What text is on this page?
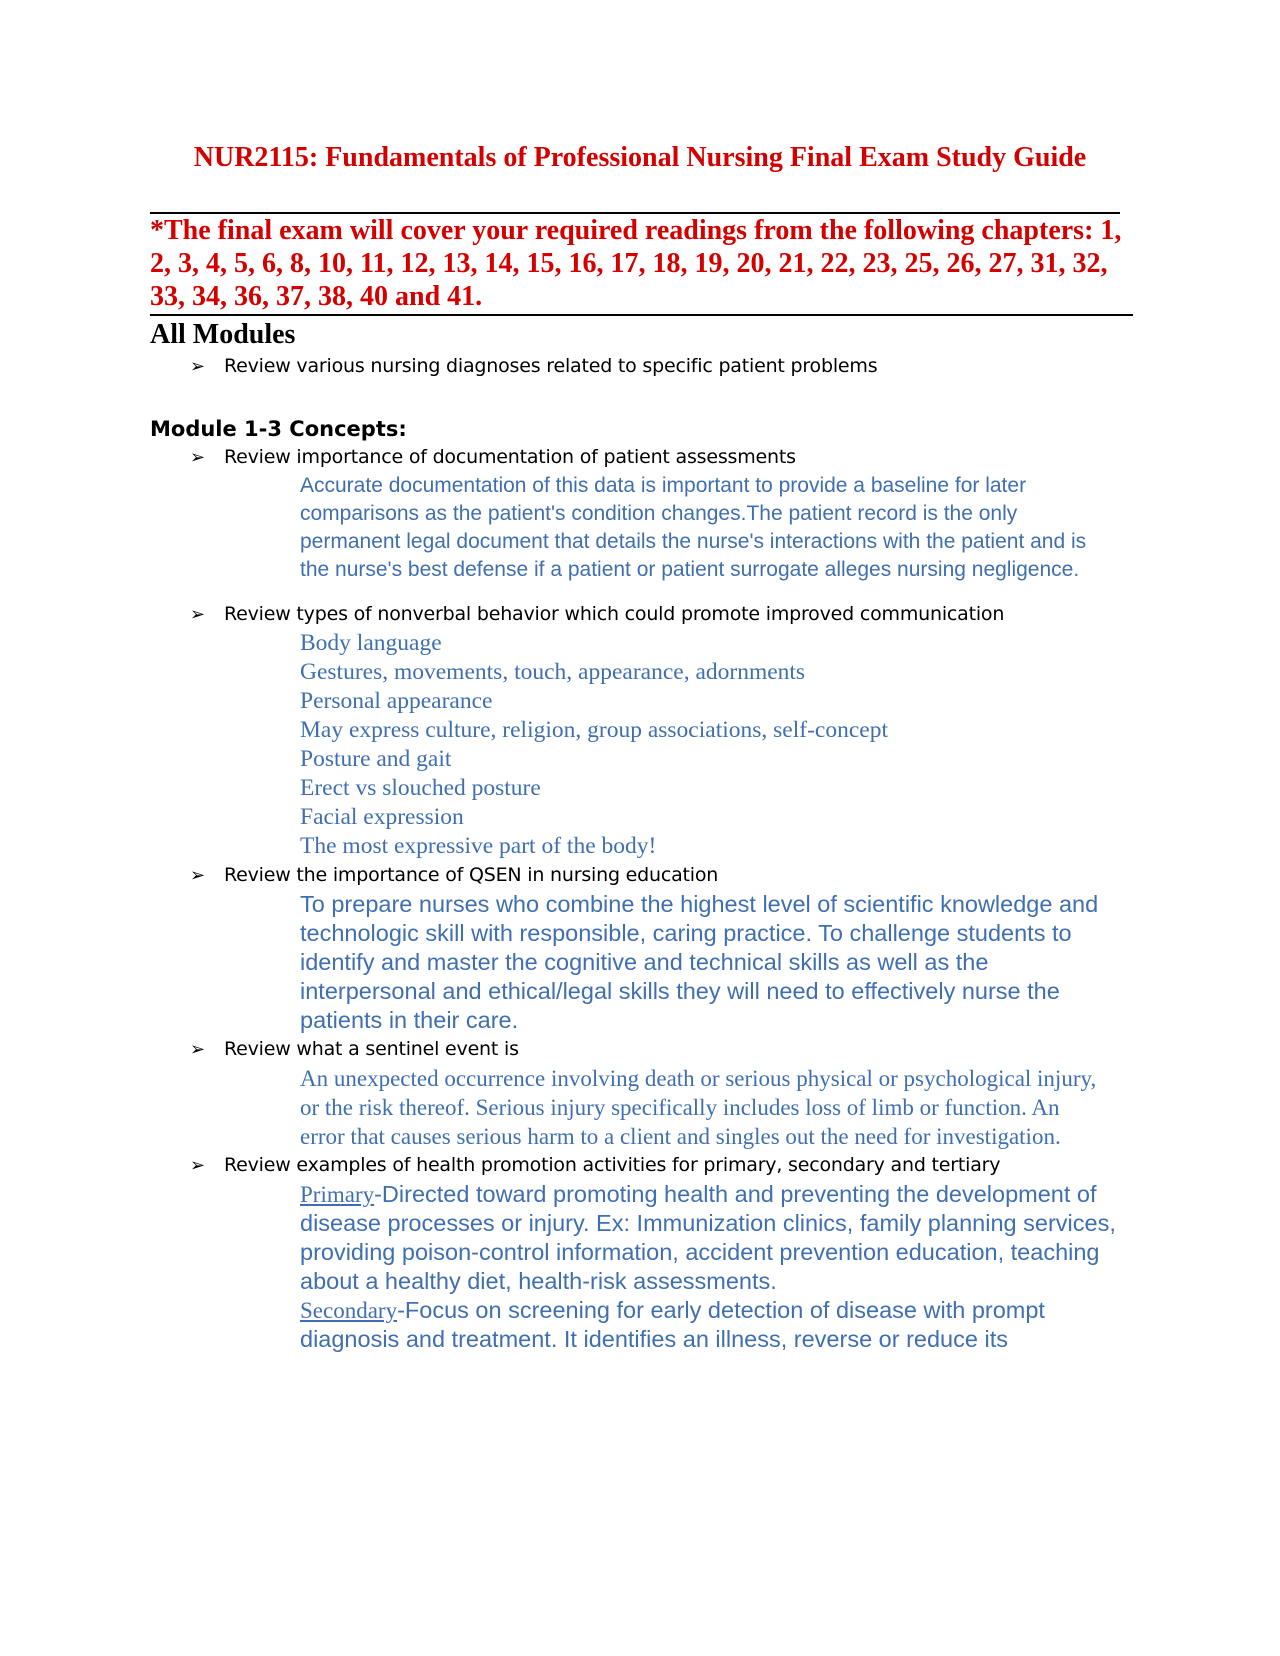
NUR2115: Fundamentals of Professional Nursing Final Exam Study Guide

*The final exam will cover your required readings from the following chapters: 1, 2, 3, 4, 5, 6, 8, 10, 11, 12, 13, 14, 15, 16, 17, 18, 19, 20, 21, 22, 23, 25, 26, 27, 31, 32, 33, 34, 36, 37, 38, 40 and 41.

All Modules
➢	Review various nursing diagnoses related to specific patient problems
Module 1-3 Concepts:
➢	Review importance of documentation of patient assessments
Accurate documentation of this data is important to provide a baseline for later comparisons as the patient's condition changes.The patient record is the only permanent legal document that details the nurse's interactions with the patient and is the nurse's best defense if a patient or patient surrogate alleges nursing negligence.
➢	Review types of nonverbal behavior which could promote improved communication
Body language
Gestures, movements, touch, appearance, adornments
Personal appearance
May express culture, religion, group associations, self-concept
Posture and gait
Erect vs slouched posture
Facial expression
The most expressive part of the body!
➢	Review the importance of QSEN in nursing education
To prepare nurses who combine the highest level of scientific knowledge and technologic skill with responsible, caring practice. To challenge students to identify and master the cognitive and technical skills as well as the interpersonal and ethical/legal skills they will need to effectively nurse the patients in their care.
➢	Review what a sentinel event is
An unexpected occurrence involving death or serious physical or psychological injury, or the risk thereof. Serious injury specifically includes loss of limb or function. An error that causes serious harm to a client and singles out the need for investigation.
➢	Review examples of health promotion activities for primary, secondary and tertiary
Primary-Directed toward promoting health and preventing the development of disease processes or injury. Ex: Immunization clinics, family planning services, providing poison-control information, accident prevention education, teaching about a healthy diet, health-risk assessments.
Secondary-Focus on screening for early detection of disease with prompt diagnosis and treatment. It identifies an illness, reverse or reduce its
